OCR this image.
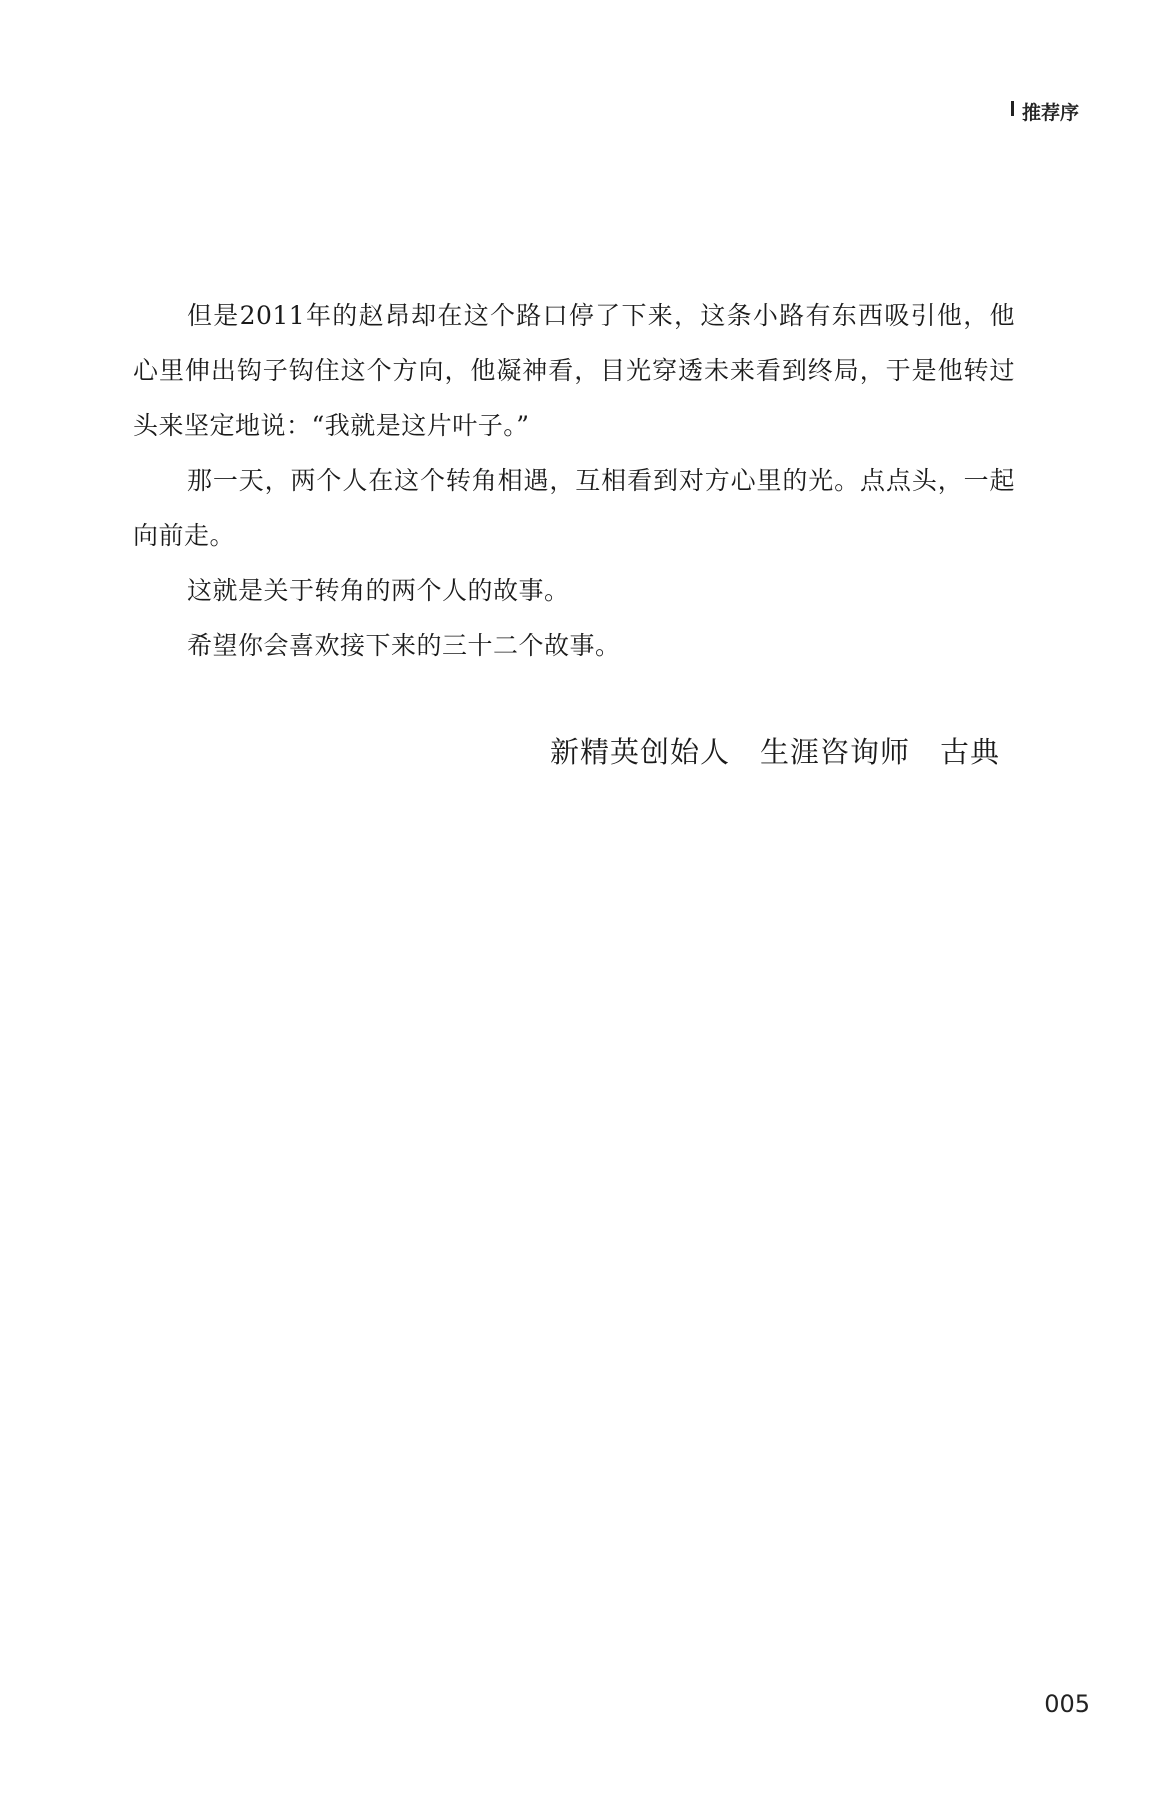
推荐序

但是2011年的赵昂却在这个路口停了下来，这条小路有东西吸引他，他心里伸出钩子钩住这个方向，他凝神看，目光穿透未来看到终局，于是他转过头来坚定地说：“我就是这片叶子。”

那一天，两个人在这个转角相遇，互相看到对方心里的光。点点头，一起向前走。

这就是关于转角的两个人的故事。

希望你会喜欢接下来的三十二个故事。

新精英创始人　生涯咨询师　古典
005
